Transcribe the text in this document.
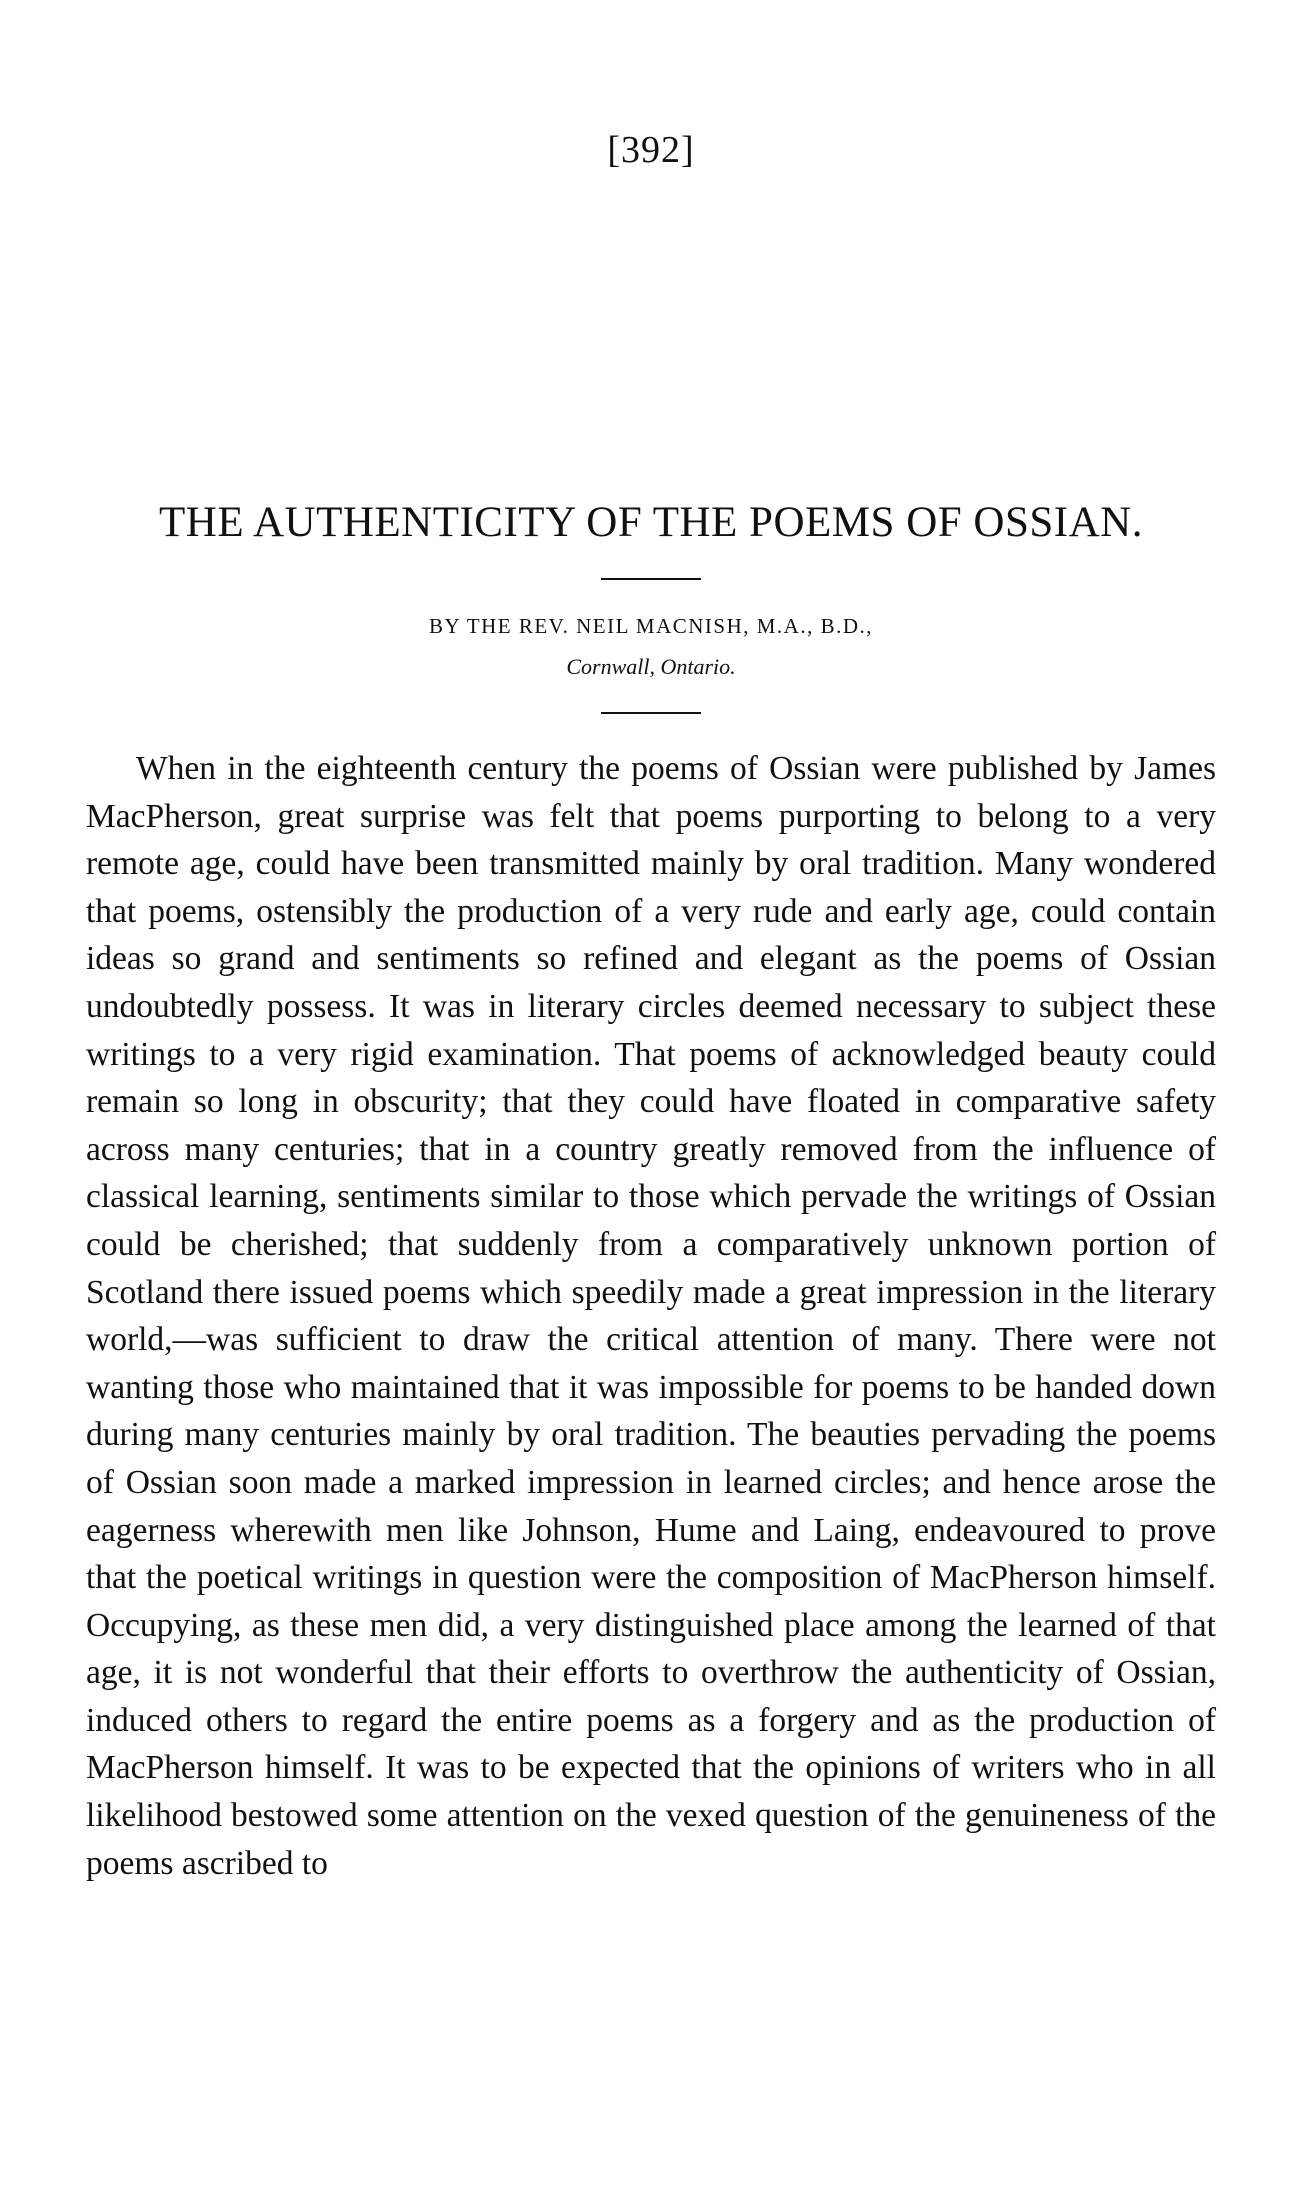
[392]
THE AUTHENTICITY OF THE POEMS OF OSSIAN.
BY THE REV. NEIL MACNISH, M.A., B.D.,
Cornwall, Ontario.

When in the eighteenth century the poems of Ossian were published by James MacPherson, great surprise was felt that poems purporting to belong to a very remote age, could have been transmitted mainly by oral tradition. Many wondered that poems, ostensibly the production of a very rude and early age, could contain ideas so grand and sentiments so refined and elegant as the poems of Ossian undoubtedly possess. It was in literary circles deemed necessary to subject these writings to a very rigid examination. That poems of acknowledged beauty could remain so long in obscurity; that they could have floated in comparative safety across many centuries; that in a country greatly removed from the influence of classical learning, sentiments similar to those which pervade the writings of Ossian could be cherished; that suddenly from a comparatively unknown portion of Scotland there issued poems which speedily made a great impression in the literary world,—was sufficient to draw the critical attention of many. There were not wanting those who maintained that it was impossible for poems to be handed down during many centuries mainly by oral tradition. The beauties pervading the poems of Ossian soon made a marked impression in learned circles; and hence arose the eagerness wherewith men like Johnson, Hume and Laing, endeavoured to prove that the poetical writings in question were the composition of MacPherson himself. Occupying, as these men did, a very distinguished place among the learned of that age, it is not wonderful that their efforts to overthrow the authenticity of Ossian, induced others to regard the entire poems as a forgery and as the production of MacPherson himself. It was to be expected that the opinions of writers who in all likelihood bestowed some attention on the vexed question of the genuineness of the poems ascribed to
